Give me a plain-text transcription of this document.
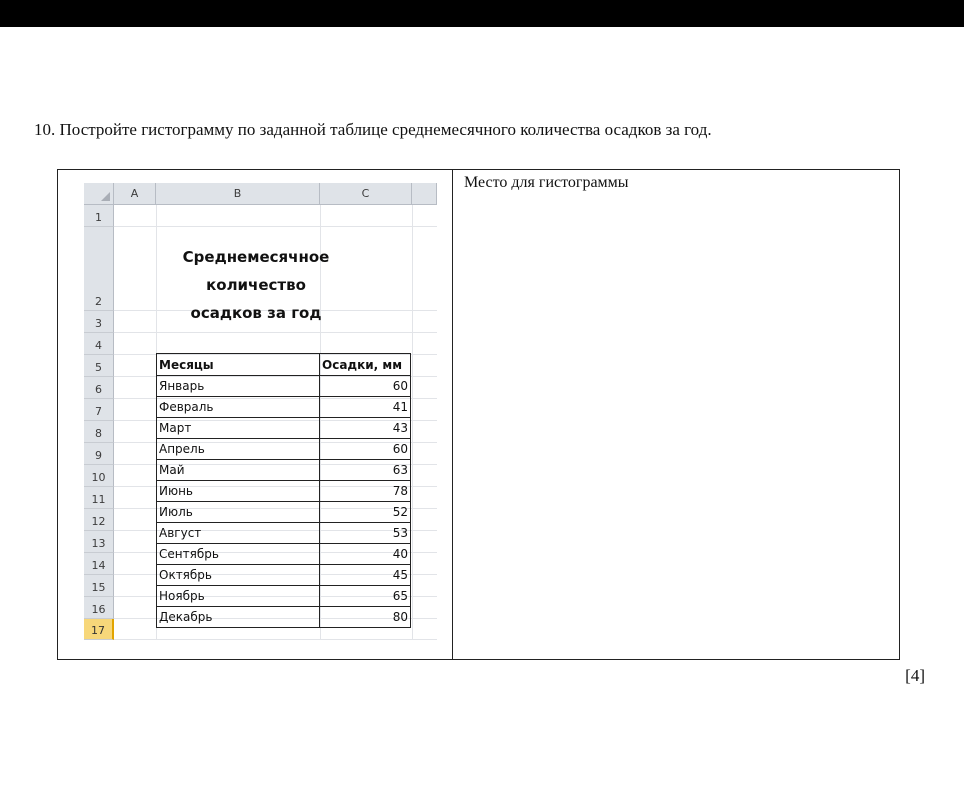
10. Постройте гистограмму по заданной таблице среднемесячного количества осадков за год.
A	B	C
1
2
3
4
5
6
7
8
9
10
11
12
13
14
15
16
17
Среднемесячное
количество
осадков за год
Месяцы	Осадки, мм
Январь	60
Февраль	41
Март	43
Апрель	60
Май	63
Июнь	78
Июль	52
Август	53
Сентябрь	40
Октябрь	45
Ноябрь	65
Декабрь	80
Место для гистограммы
[4]
